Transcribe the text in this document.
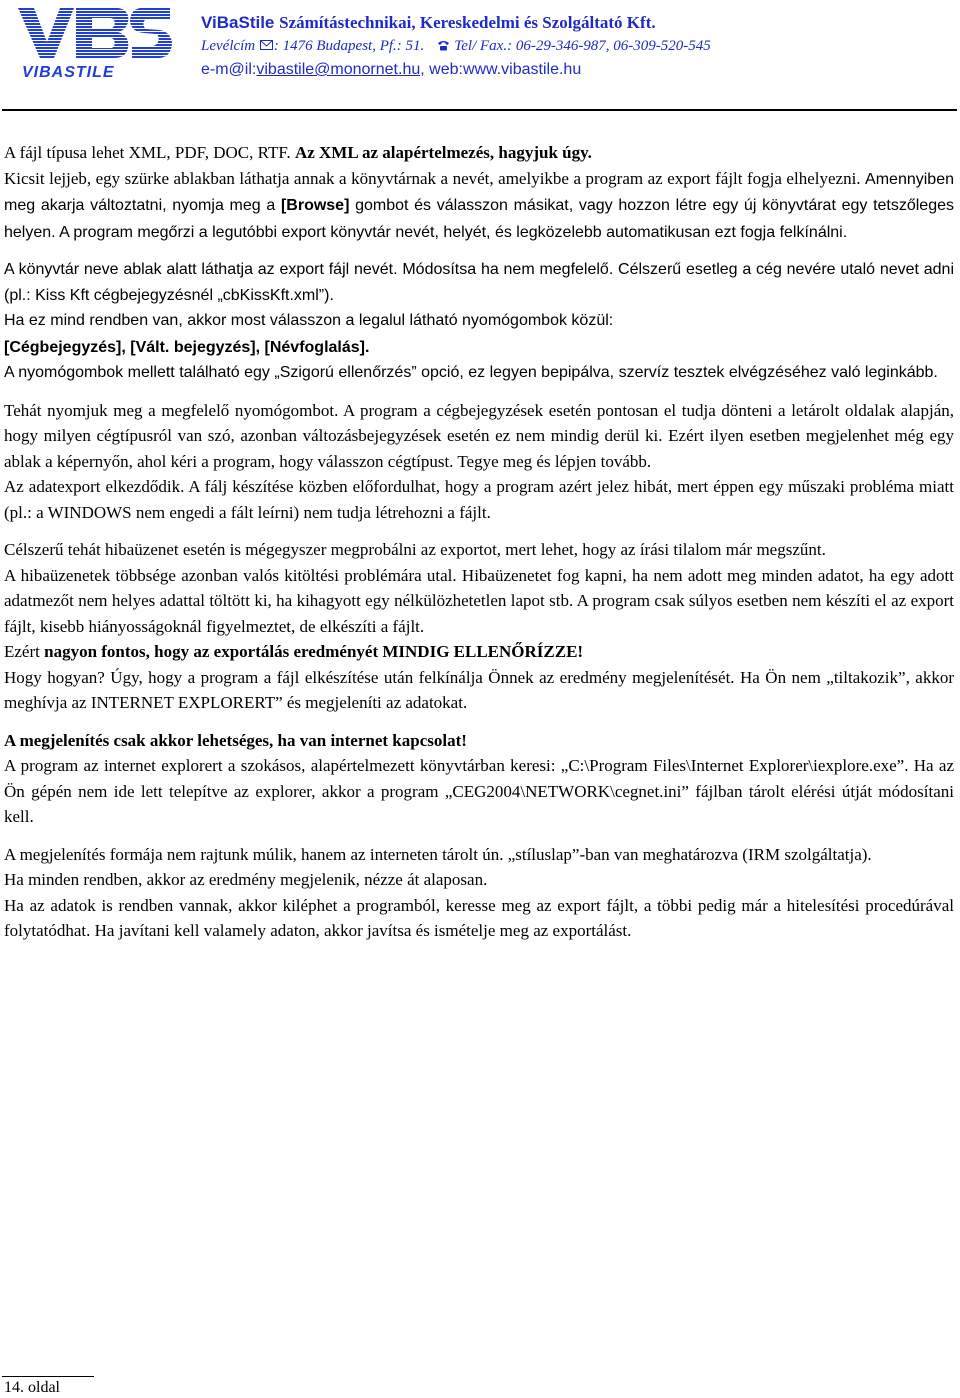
VIBASTILE
ViBaStile Számítástechnikai, Kereskedelmi és Szolgáltató Kft.
Levélcím : 1476 Budapest, Pf.: 51. Tel/ Fax.: 06-29-346-987, 06-309-520-545
e-m@il:vibastile@monornet.hu, web:www.vibastile.hu

A fájl típusa lehet XML, PDF, DOC, RTF. Az XML az alapértelmezés, hagyjuk úgy.

Kicsit lejjeb, egy szürke ablakban láthatja annak a könyvtárnak a nevét, amelyikbe a program az export fájlt fogja elhelyezni. Amennyiben meg akarja változtatni, nyomja meg a [Browse] gombot és válasszon másikat, vagy hozzon létre egy új könyvtárat egy tetszőleges helyen. A program megőrzi a legutóbbi export könyvtár nevét, helyét, és legközelebb automatikusan ezt fogja felkínálni.

A könyvtár neve ablak alatt láthatja az export fájl nevét. Módosítsa ha nem megfelelő. Célszerű esetleg a cég nevére utaló nevet adni (pl.: Kiss Kft cégbejegyzésnél „cbKissKft.xml”).

Ha ez mind rendben van, akkor most válasszon a legalul látható nyomógombok közül:

[Cégbejegyzés], [Vált. bejegyzés], [Névfoglalás].

A nyomógombok mellett található egy „Szigorú ellenőrzés” opció, ez legyen bepipálva, szervíz tesztek elvégzéséhez való leginkább.

Tehát nyomjuk meg a megfelelő nyomógombot. A program a cégbejegyzések esetén pontosan el tudja dönteni a letárolt oldalak alapján, hogy milyen cégtípusról van szó, azonban változásbejegyzések esetén ez nem mindig derül ki. Ezért ilyen esetben megjelenhet még egy ablak a képernyőn, ahol kéri a program, hogy válasszon cégtípust. Tegye meg és lépjen tovább.

Az adatexport elkezdődik. A fálj készítése közben előfordulhat, hogy a program azért jelez hibát, mert éppen egy műszaki probléma miatt (pl.: a WINDOWS nem engedi a fált leírni) nem tudja létrehozni a fájlt.

Célszerű tehát hibaüzenet esetén is mégegyszer megprobálni az exportot, mert lehet, hogy az írási tilalom már megszűnt.

A hibaüzenetek többsége azonban valós kitöltési problémára utal. Hibaüzenetet fog kapni, ha nem adott meg minden adatot, ha egy adott adatmezőt nem helyes adattal töltött ki, ha kihagyott egy nélkülözhetetlen lapot stb. A program csak súlyos esetben nem készíti el az export fájlt, kisebb hiányosságoknál figyelmeztet, de elkészíti a fájlt.

Ezért nagyon fontos, hogy az exportálás eredményét MINDIG ELLENŐRÍZZE!

Hogy hogyan? Úgy, hogy a program a fájl elkészítése után felkínálja Önnek az eredmény megjelenítését. Ha Ön nem „tiltakozik”, akkor meghívja az INTERNET EXPLORERT” és megjeleníti az adatokat.

A megjelenítés csak akkor lehetséges, ha van internet kapcsolat!

A program az internet explorert a szokásos, alapértelmezett könyvtárban keresi: „C:\Program Files\Internet Explorer\iexplore.exe”. Ha az Ön gépén nem ide lett telepítve az explorer, akkor a program „CEG2004\NETWORK\cegnet.ini” fájlban tárolt elérési útját módosítani kell.

A megjelenítés formája nem rajtunk múlik, hanem az interneten tárolt ún. „stíluslap”-ban van meghatározva (IRM szolgáltatja).

Ha minden rendben, akkor az eredmény megjelenik, nézze át alaposan.

Ha az adatok is rendben vannak, akkor kiléphet a programból, keresse meg az export fájlt, a többi pedig már a hitelesítési procedúrával folytatódhat. Ha javítani kell valamely adaton, akkor javítsa és ismételje meg az exportálást.

14. oldal
